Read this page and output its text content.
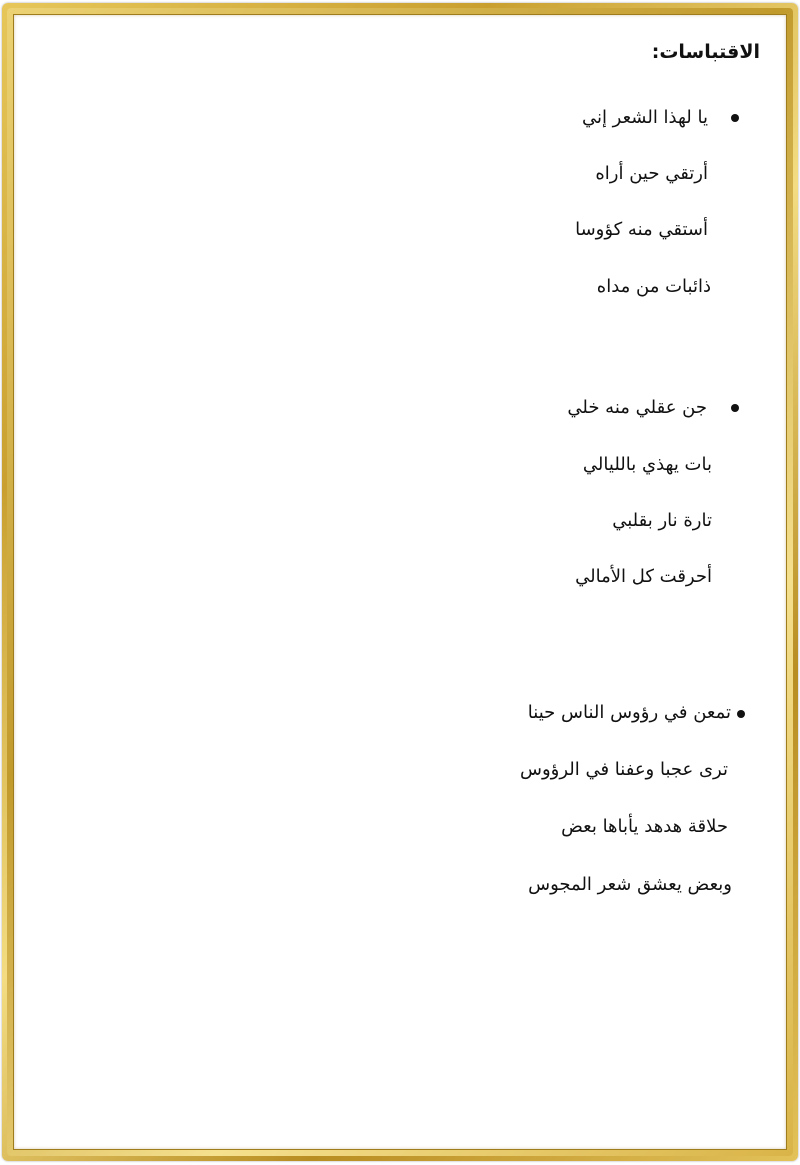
الاقتباسات:
يا لهذا الشعر إني
أرتقي حين أراه
أستقي منه كؤوسا
ذائبات من مداه
جن عقلي منه خلي
بات يهذي بالليالي
تارة نار بقلبي
أحرقت كل الأمالي
تمعن في رؤوس الناس حينا
ترى عجبا وعفنا في الرؤوس
حلاقة هدهد يأباها بعض
وبعض يعشق شعر المجوس
